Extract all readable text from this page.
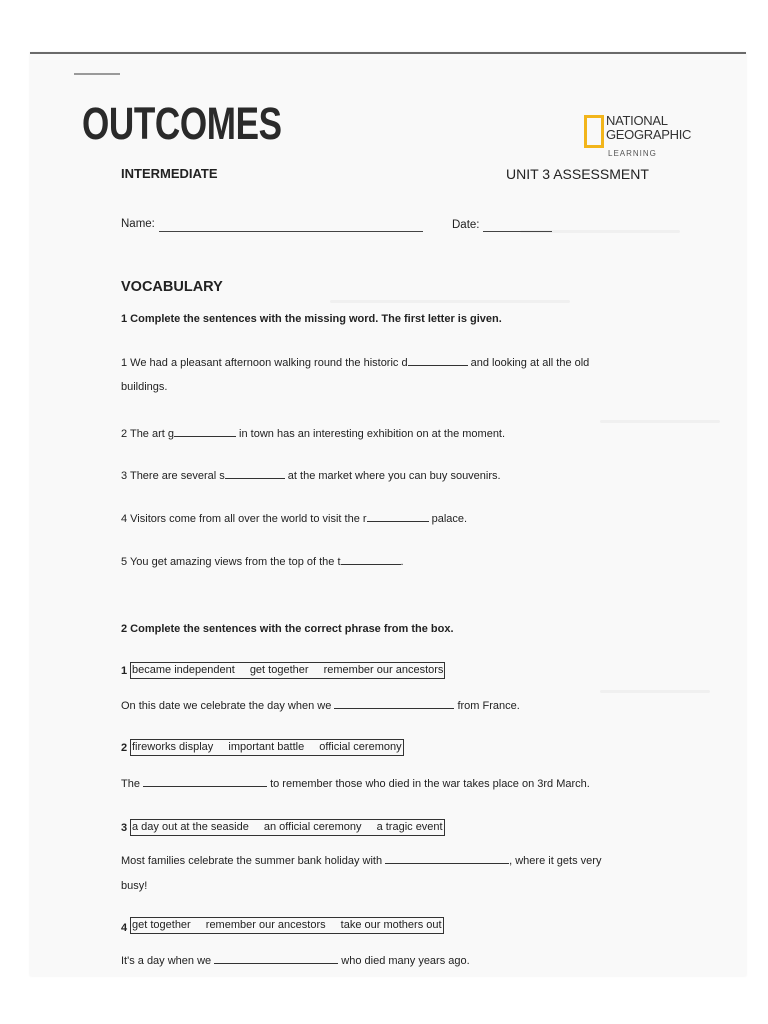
OUTCOMES	NATIONAL
GEOGRAPHIC
LEARNING
INTERMEDIATE	UNIT 3 ASSESSMENT
Name:	Date:
VOCABULARY
1 Complete the sentences with the missing word. The first letter is given.
1 We had a pleasant afternoon walking round the historic d	and looking at all the old
buildings.
2 The art g	in town has an interesting exhibition on at the moment.
3 There are several s	at the market where you can buy souvenirs.
4 Visitors come from all over the world to visit the r	palace.
5 You get amazing views from the top of the t	.
2 Complete the sentences with the correct phrase from the box.
1 became independent get together remember our ancestors
On this date we celebrate the day when we	from France.
2 fireworks display important battle official ceremony
The	to remember those who died in the war takes place on 3rd March.
3 a day out at the seaside an official ceremony a tragic event
Most families celebrate the summer bank holiday with	, where it gets very
busy!
4 get together remember our ancestors take our mothers out
It's a day when we	who died many years ago.
